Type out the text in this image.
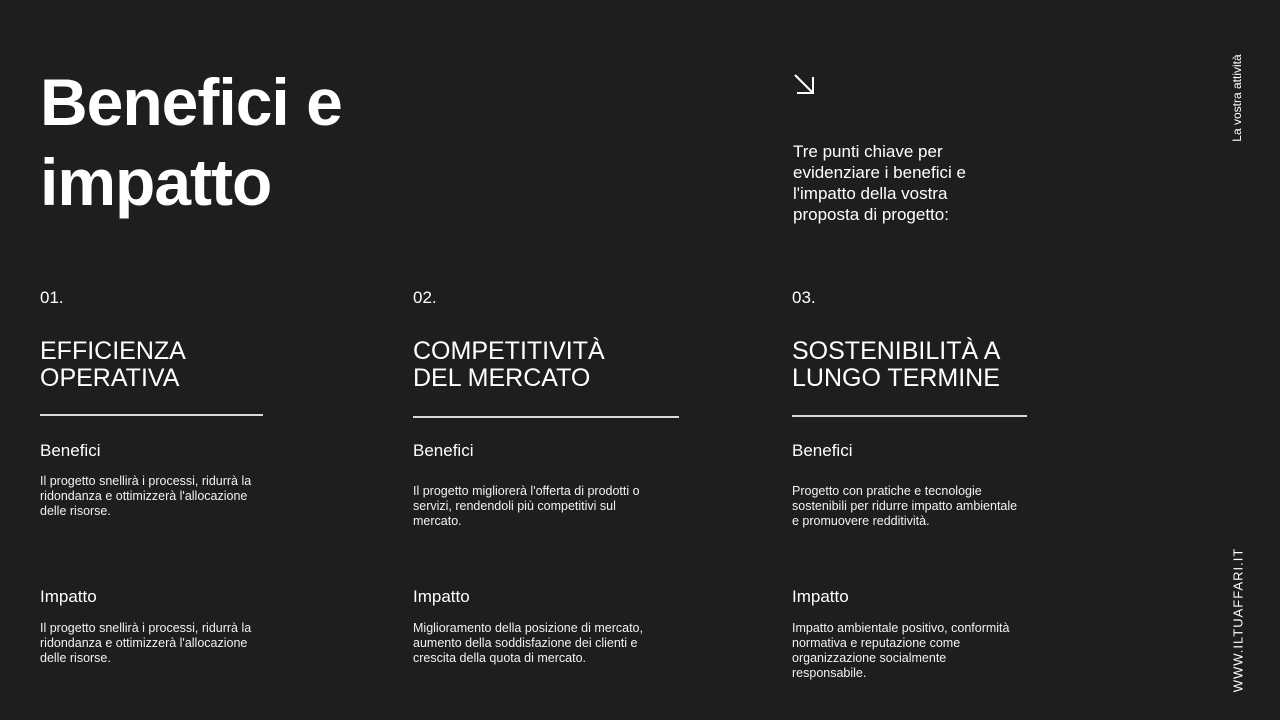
Benefici e
impatto	Tre punti chiave per evidenziare i benefici e l'impatto della vostra proposta di progetto:
La vostra attività
WWW.ILTUAFFARI.IT
01.
EFFICIENZA
OPERATIVA
Benefici
Il progetto snellirà i processi, ridurrà la ridondanza e ottimizzerà l'allocazione delle risorse.
Impatto
Il progetto snellirà i processi, ridurrà la ridondanza e ottimizzerà l'allocazione delle risorse.
02.
COMPETITIVITÀ
DEL MERCATO
Benefici
Il progetto migliorerà l'offerta di prodotti o servizi, rendendoli più competitivi sul mercato.
Impatto
Miglioramento della posizione di mercato, aumento della soddisfazione dei clienti e crescita della quota di mercato.
03.
SOSTENIBILITÀ A
LUNGO TERMINE
Benefici
Progetto con pratiche e tecnologie sostenibili per ridurre impatto ambientale e promuovere redditività.
Impatto
Impatto ambientale positivo, conformità normativa e reputazione come organizzazione socialmente responsabile.
